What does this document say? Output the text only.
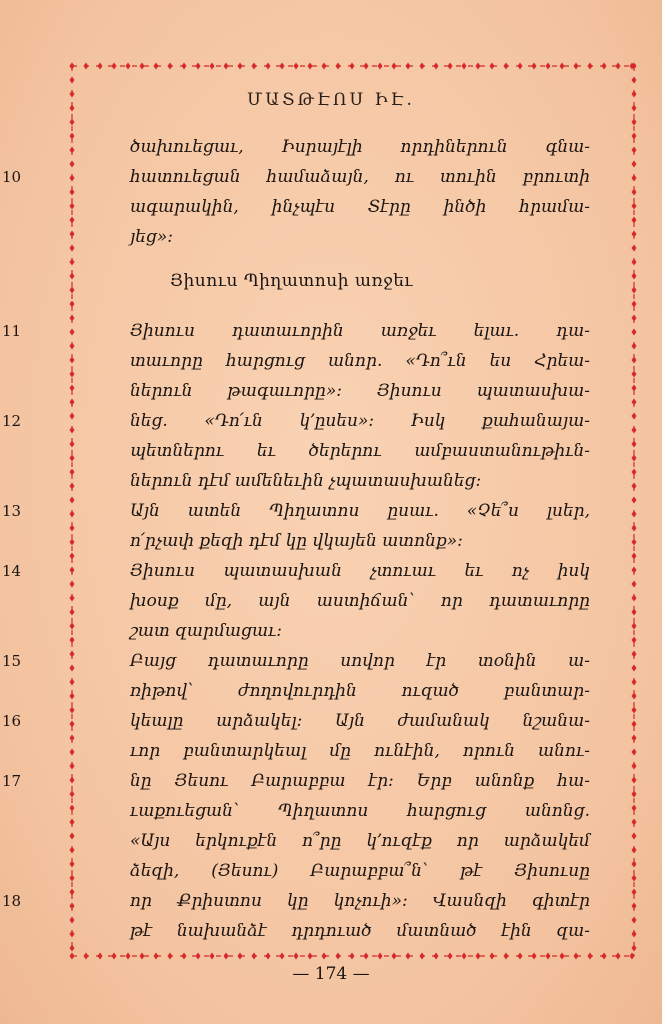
ՄԱՏԹԷՈՍ ԻԷ.
ծախուեցաւ, Իսրայէլի որդիներուն գնա-
10	հատուեցան համաձայն, ու տուին բրուտի
ագարակին, ինչպէս Տէրը ինծի հրամա-
յեց»:
11	Յիսուս դատաւորին առջեւ ելաւ. դա-
տաւորը հարցուց անոր. «Դո՞ւն ես Հրեա-
ներուն թագաւորը»: Յիսուս պատասխա-
12	նեց. «Դո՛ւն կ՚ըսես»: Իսկ քահանայա-
պետներու եւ ծերերու ամբաստանութիւն-
ներուն դէմ ամենեւին չպատասխանեց:
13	Այն ատեն Պիղատոս ըսաւ. «Չե՞ս լսեր,
ո՛րչափ քեզի դէմ կը վկայեն ատոնք»:
14	Յիսուս պատասխան չտուաւ եւ ոչ իսկ
խօսք մը, այն աստիճան՝ որ դատաւորը
շատ զարմացաւ:
15	Բայց դատաւորը սովոր էր տօնին ա-
ռիթով՝ ժողովուրդին ուզած բանտար-
16	կեալը արձակել: Այն ժամանակ նշանա-
ւոր բանտարկեալ մը ունէին, որուն անու-
17	նը Յեսու Բարաբբա էր: Երբ անոնք հա-
ւաքուեցան՝ Պիղատոս հարցուց անոնց.
«Այս երկուքէն ո՞րը կ՚ուզէք որ արձակեմ
ձեզի, (Յեսու) Բարաբբա՞ն՝ թէ Յիսուսը
18	որ Քրիստոս կը կոչուի»: Վասնզի գիտէր
թէ նախանձէ դրդուած մատնած էին զա-
Յիսուս Պիղատոսի առջեւ
— 174 —
